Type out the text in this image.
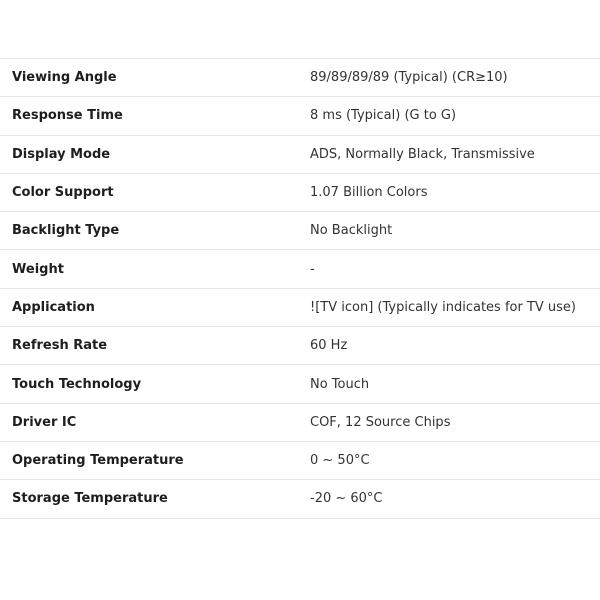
Viewing Angle	89/89/89/89 (Typical) (CR≥10)
Response Time	8 ms (Typical) (G to G)
Display Mode	ADS, Normally Black, Transmissive
Color Support	1.07 Billion Colors
Backlight Type	No Backlight
Weight	-
Application	![TV icon] (Typically indicates for TV use)
Refresh Rate	60 Hz
Touch Technology	No Touch
Driver IC	COF, 12 Source Chips
Operating Temperature	0 ~ 50°C
Storage Temperature	-20 ~ 60°C
